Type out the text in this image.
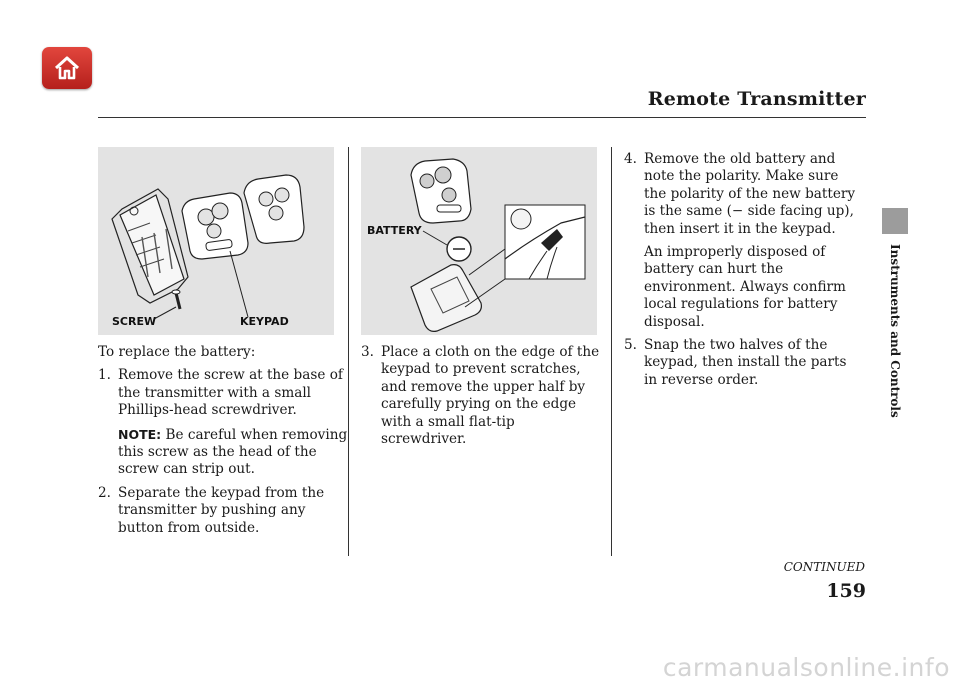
Remote Transmitter
Instruments and Controls
SCREW	KEYPAD
BATTERY

To replace the battery:

1. Remove the screw at the base of the transmitter with a small Phillips-head screwdriver.

NOTE: Be careful when removing this screw as the head of the screw can strip out.

2. Separate the keypad from the transmitter by pushing any button from outside.

3. Place a cloth on the edge of the keypad to prevent scratches, and remove the upper half by carefully prying on the edge with a small flat-tip screwdriver.

4. Remove the old battery and note the polarity. Make sure the polarity of the new battery is the same (− side facing up), then insert it in the keypad.

An improperly disposed of battery can hurt the environment. Always confirm local regulations for battery disposal.

5. Snap the two halves of the keypad, then install the parts in reverse order.

CONTINUED
159
carmanualsonline.info
